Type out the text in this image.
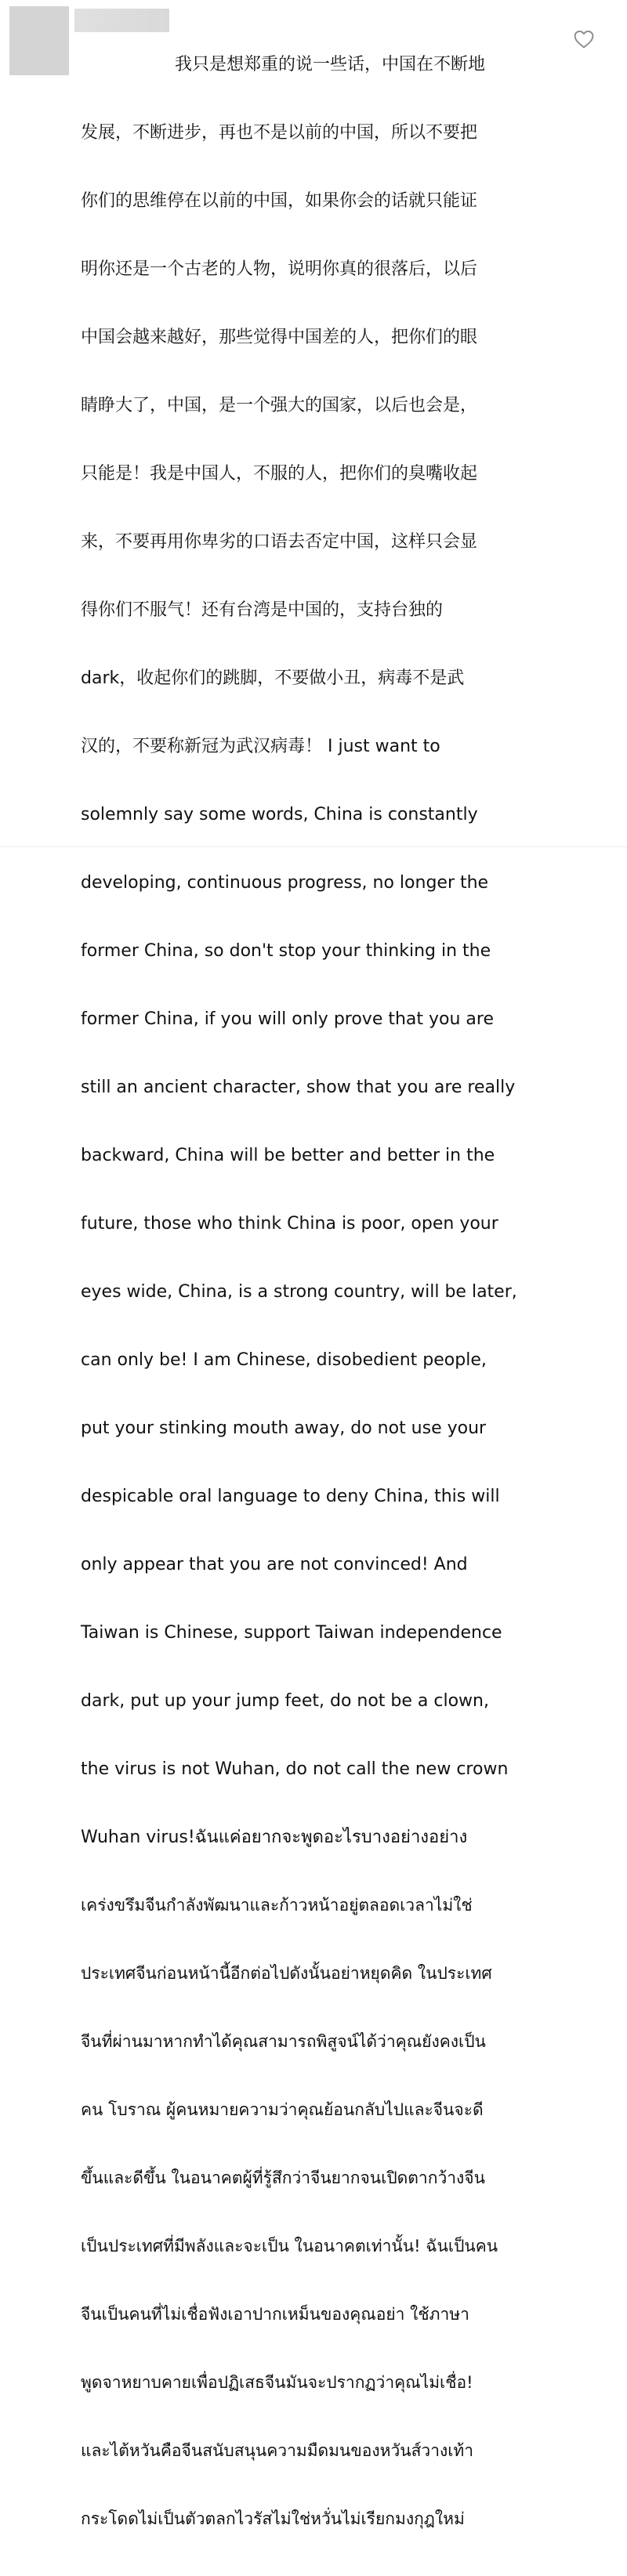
我只是想郑重的说一些话，中国在不断地

发展，不断进步，再也不是以前的中国，所以不要把

你们的思维停在以前的中国，如果你会的话就只能证

明你还是一个古老的人物，说明你真的很落后，以后

中国会越来越好，那些觉得中国差的人，把你们的眼

睛睁大了，中国，是一个强大的国家，以后也会是，

只能是！我是中国人，不服的人，把你们的臭嘴收起

来，不要再用你卑劣的口语去否定中国，这样只会显

得你们不服气！还有台湾是中国的，支持台独的

dark，收起你们的跳脚，不要做小丑，病毒不是武

汉的，不要称新冠为武汉病毒！ I just want to

solemnly say some words, China is constantly

developing, continuous progress, no longer the

former China, so don't stop your thinking in the

former China, if you will only prove that you are

still an ancient character, show that you are really

backward, China will be better and better in the

future, those who think China is poor, open your

eyes wide, China, is a strong country, will be later,

can only be! I am Chinese, disobedient people,

put your stinking mouth away, do not use your

despicable oral language to deny China, this will

only appear that you are not convinced! And

Taiwan is Chinese, support Taiwan independence

dark, put up your jump feet, do not be a clown,

the virus is not Wuhan, do not call the new crown

Wuhan virus!ฉันแค่อยากจะพูดอะไรบางอย่างอย่าง

เคร่งขรึมจีนกำลังพัฒนาและก้าวหน้าอยู่ตลอดเวลาไม่ใช่

ประเทศจีนก่อนหน้านี้อีกต่อไปดังนั้นอย่าหยุดคิด ในประเทศ

จีนที่ผ่านมาหากทำได้คุณสามารถพิสูจน์ได้ว่าคุณยังคงเป็น

คน โบราณ ผู้คนหมายความว่าคุณย้อนกลับไปและจีนจะดี

ขึ้นและดีขึ้น ในอนาคตผู้ที่รู้สึกว่าจีนยากจนเปิดตากว้างจีน

เป็นประเทศที่มีพลังและจะเป็น ในอนาคตเท่านั้น! ฉันเป็นคน

จีนเป็นคนที่ไม่เชื่อฟังเอาปากเหม็นของคุณอย่า ใช้ภาษา

พูดจาหยาบคายเพื่อปฏิเสธจีนมันจะปรากฏว่าคุณไม่เชื่อ!

และไต้หวันคือจีนสนับสนุนความมืดมนของหวันส์วางเท้า

กระโดดไม่เป็นตัวตลกไวรัสไม่ใช่หวั่นไม่เรียกมงกุฎใหม่
